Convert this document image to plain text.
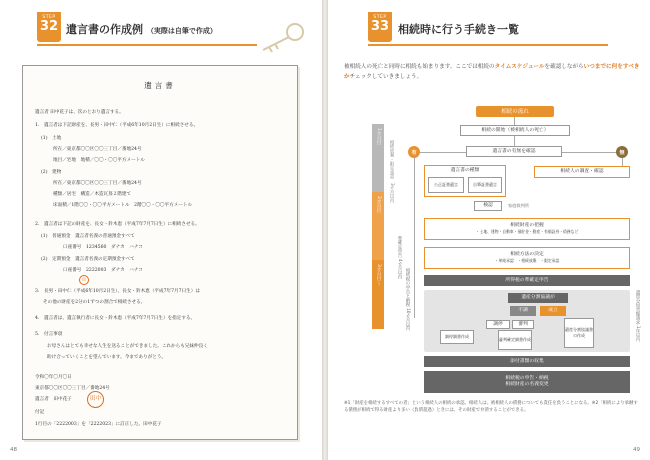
STEP
32 遺言書の作成例 （実際は自筆で作成）
遺言書
遺言者 田中花子は、次のとおり遺言する。
1.　遺言者は下記財産を、長男・田中仁（平成6年10月2日生）に相続させる。
(1)　土地
所在／東京都〇〇区〇〇三丁目／番地24号
地目／宅地　地積／〇〇・〇〇平方メートル
(2)　建物
所在／東京都〇〇区〇〇三丁目／番地24号
種類／居宅　構造／木造瓦葺２階建て
床面積／1階〇〇・〇〇平方メートル　2階〇〇・〇〇平方メートル
2.　遺言者は下記の財産を、長女・鈴木恵（平成7年7月7日生）に相続させる。
(1)　普通預金　遺言者名義の普通預金すべて
口座番号　1234560　ダナカ　ハナコ
(2)　定期預金　遺言者名義の定期預金すべて
口座番号　2222003　ダナカ　ハナコ
印
3.　長男・田中仁（平成6年10月2日生）、長女・鈴木恵（平成7年7月7日生）は
その他の財産を2分の1ずつの割合で相続させる。
4.　遺言者は、遺言執行者に長女・鈴木恵（平成7年7月7日生）を指定する。
5.　付言事項
お母さんはとても幸せな人生を送ることができました。これからも兄妹仲良く
助け合っていくことを望んでいます。今までありがとう。
令和〇年〇月〇日
東京都〇〇区〇〇三丁目／番地24号
遺言者　田中花子	田中
付記
1行目の「2222003」を「2222023」に訂正した。田中花子
48
STEP
33 相続時に行う手続き一覧
被相続人の死亡と同時に相続も始まります。ここでは相続のタイムスケジュールを確認しながらいつまでに何をすべきかチェックしていきましょう。
1カ月目
2カ月目
3カ月目〜
相続放棄・限定承認　3カ月以内
相続の流れ
相続の開始（被相続人の死亡）
有	遺言書の有無を確認	無
遺言書の種類
公正証書遺言	自筆証書遺言
相続人の調査・確認
検認	家庭裁判所
相続財産の把握
・土地、建物・自動車・預貯金・動産・有価証券・債務など
相続方法の決定
・単純承認　・相続放棄　・限定承認
所得税の準確定申告
遺産分割協議が
不調	成立
調停	審判
調停調書作成
審判確定調書作成
遺産分割協議書の作成
添付書類の収集
相続税の申告・納税
相続財産の名義変更
準確定申告 4カ月以内 相続税の申告と納税 10カ月以内	遺留分侵害額請求 1年以内
※1「財産を相続するすべての者」という相続人の相続の承認。相続人は、被相続人の債務についても責任を負うことになる。※2「相続により承継する債務が相続で得る財産より多い（負債超過）ときには、その財産で弁済することができる。
49
